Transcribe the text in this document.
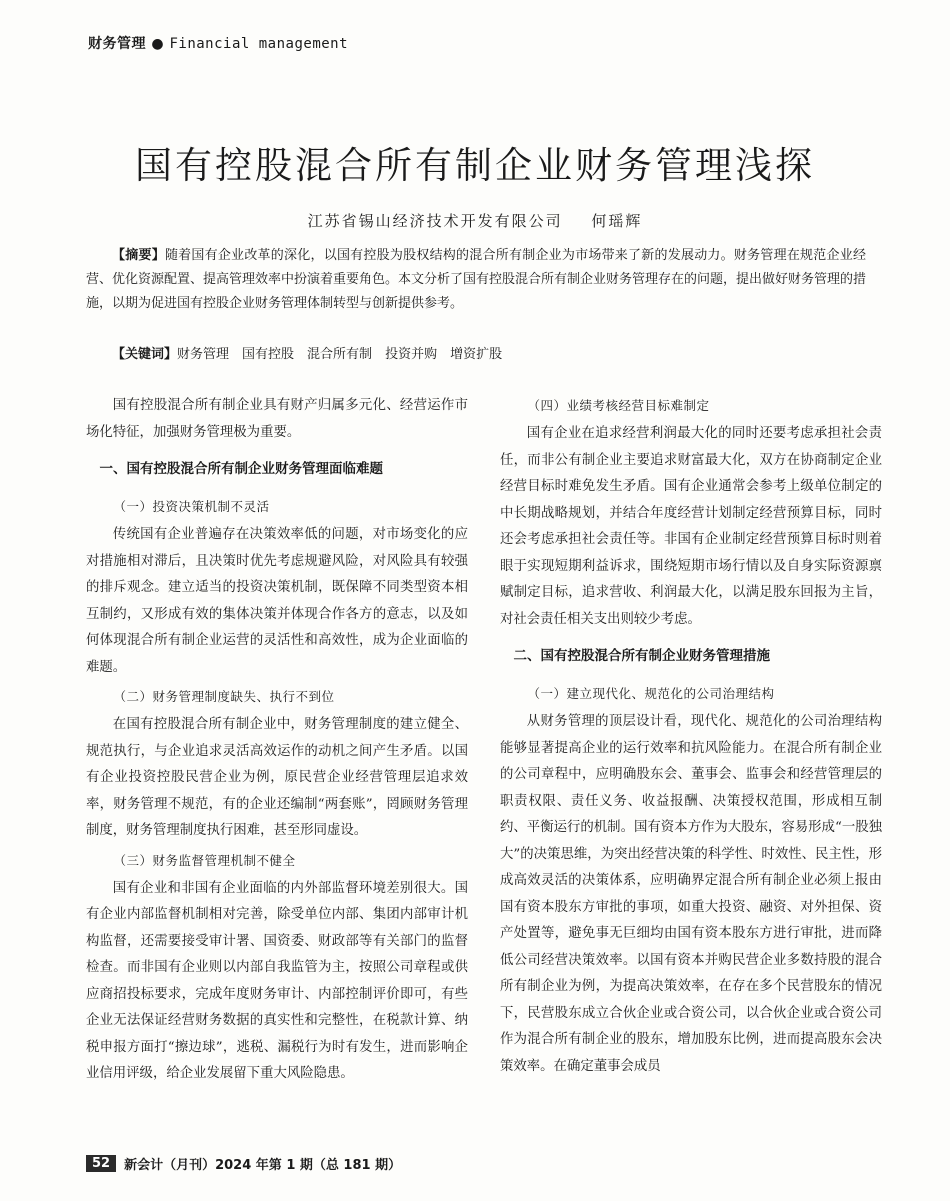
财务管理 ● Financial management
国有控股混合所有制企业财务管理浅探
江苏省锡山经济技术开发有限公司 何瑶辉

【摘要】随着国有企业改革的深化，以国有控股为股权结构的混合所有制企业为市场带来了新的发展动力。财务管理在规范企业经营、优化资源配置、提高管理效率中扮演着重要角色。本文分析了国有控股混合所有制企业财务管理存在的问题，提出做好财务管理的措施，以期为促进国有控股企业财务管理体制转型与创新提供参考。

【关键词】财务管理 国有控股 混合所有制 投资并购 增资扩股

国有控股混合所有制企业具有财产归属多元化、经营运作市场化特征，加强财务管理极为重要。

一、国有控股混合所有制企业财务管理面临难题
（一）投资决策机制不灵活

传统国有企业普遍存在决策效率低的问题，对市场变化的应对措施相对滞后，且决策时优先考虑规避风险，对风险具有较强的排斥观念。建立适当的投资决策机制，既保障不同类型资本相互制约，又形成有效的集体决策并体现合作各方的意志，以及如何体现混合所有制企业运营的灵活性和高效性，成为企业面临的难题。

（二）财务管理制度缺失、执行不到位

在国有控股混合所有制企业中，财务管理制度的建立健全、规范执行，与企业追求灵活高效运作的动机之间产生矛盾。以国有企业投资控股民营企业为例，原民营企业经营管理层追求效率，财务管理不规范，有的企业还编制“两套账”，罔顾财务管理制度，财务管理制度执行困难，甚至形同虚设。

（三）财务监督管理机制不健全

国有企业和非国有企业面临的内外部监督环境差别很大。国有企业内部监督机制相对完善，除受单位内部、集团内部审计机构监督，还需要接受审计署、国资委、财政部等有关部门的监督检查。而非国有企业则以内部自我监管为主，按照公司章程或供应商招投标要求，完成年度财务审计、内部控制评价即可，有些企业无法保证经营财务数据的真实性和完整性，在税款计算、纳税申报方面打“擦边球”，逃税、漏税行为时有发生，进而影响企业信用评级，给企业发展留下重大风险隐患。

（四）业绩考核经营目标难制定

国有企业在追求经营利润最大化的同时还要考虑承担社会责任，而非公有制企业主要追求财富最大化，双方在协商制定企业经营目标时难免发生矛盾。国有企业通常会参考上级单位制定的中长期战略规划，并结合年度经营计划制定经营预算目标，同时还会考虑承担社会责任等。非国有企业制定经营预算目标时则着眼于实现短期利益诉求，围绕短期市场行情以及自身实际资源禀赋制定目标，追求营收、利润最大化，以满足股东回报为主旨，对社会责任相关支出则较少考虑。

二、国有控股混合所有制企业财务管理措施
（一）建立现代化、规范化的公司治理结构

从财务管理的顶层设计看，现代化、规范化的公司治理结构能够显著提高企业的运行效率和抗风险能力。在混合所有制企业的公司章程中，应明确股东会、董事会、监事会和经营管理层的职责权限、责任义务、收益报酬、决策授权范围，形成相互制约、平衡运行的机制。国有资本方作为大股东，容易形成“一股独大”的决策思维，为突出经营决策的科学性、时效性、民主性，形成高效灵活的决策体系，应明确界定混合所有制企业必须上报由国有资本股东方审批的事项，如重大投资、融资、对外担保、资产处置等，避免事无巨细均由国有资本股东方进行审批，进而降低公司经营决策效率。以国有资本并购民营企业多数持股的混合所有制企业为例，为提高决策效率，在存在多个民营股东的情况下，民营股东成立合伙企业或合资公司，以合伙企业或合资公司作为混合所有制企业的股东，增加股东比例，进而提高股东会决策效率。在确定董事会成员

52	新会计（月刊）2024 年第 1 期（总 181 期）
